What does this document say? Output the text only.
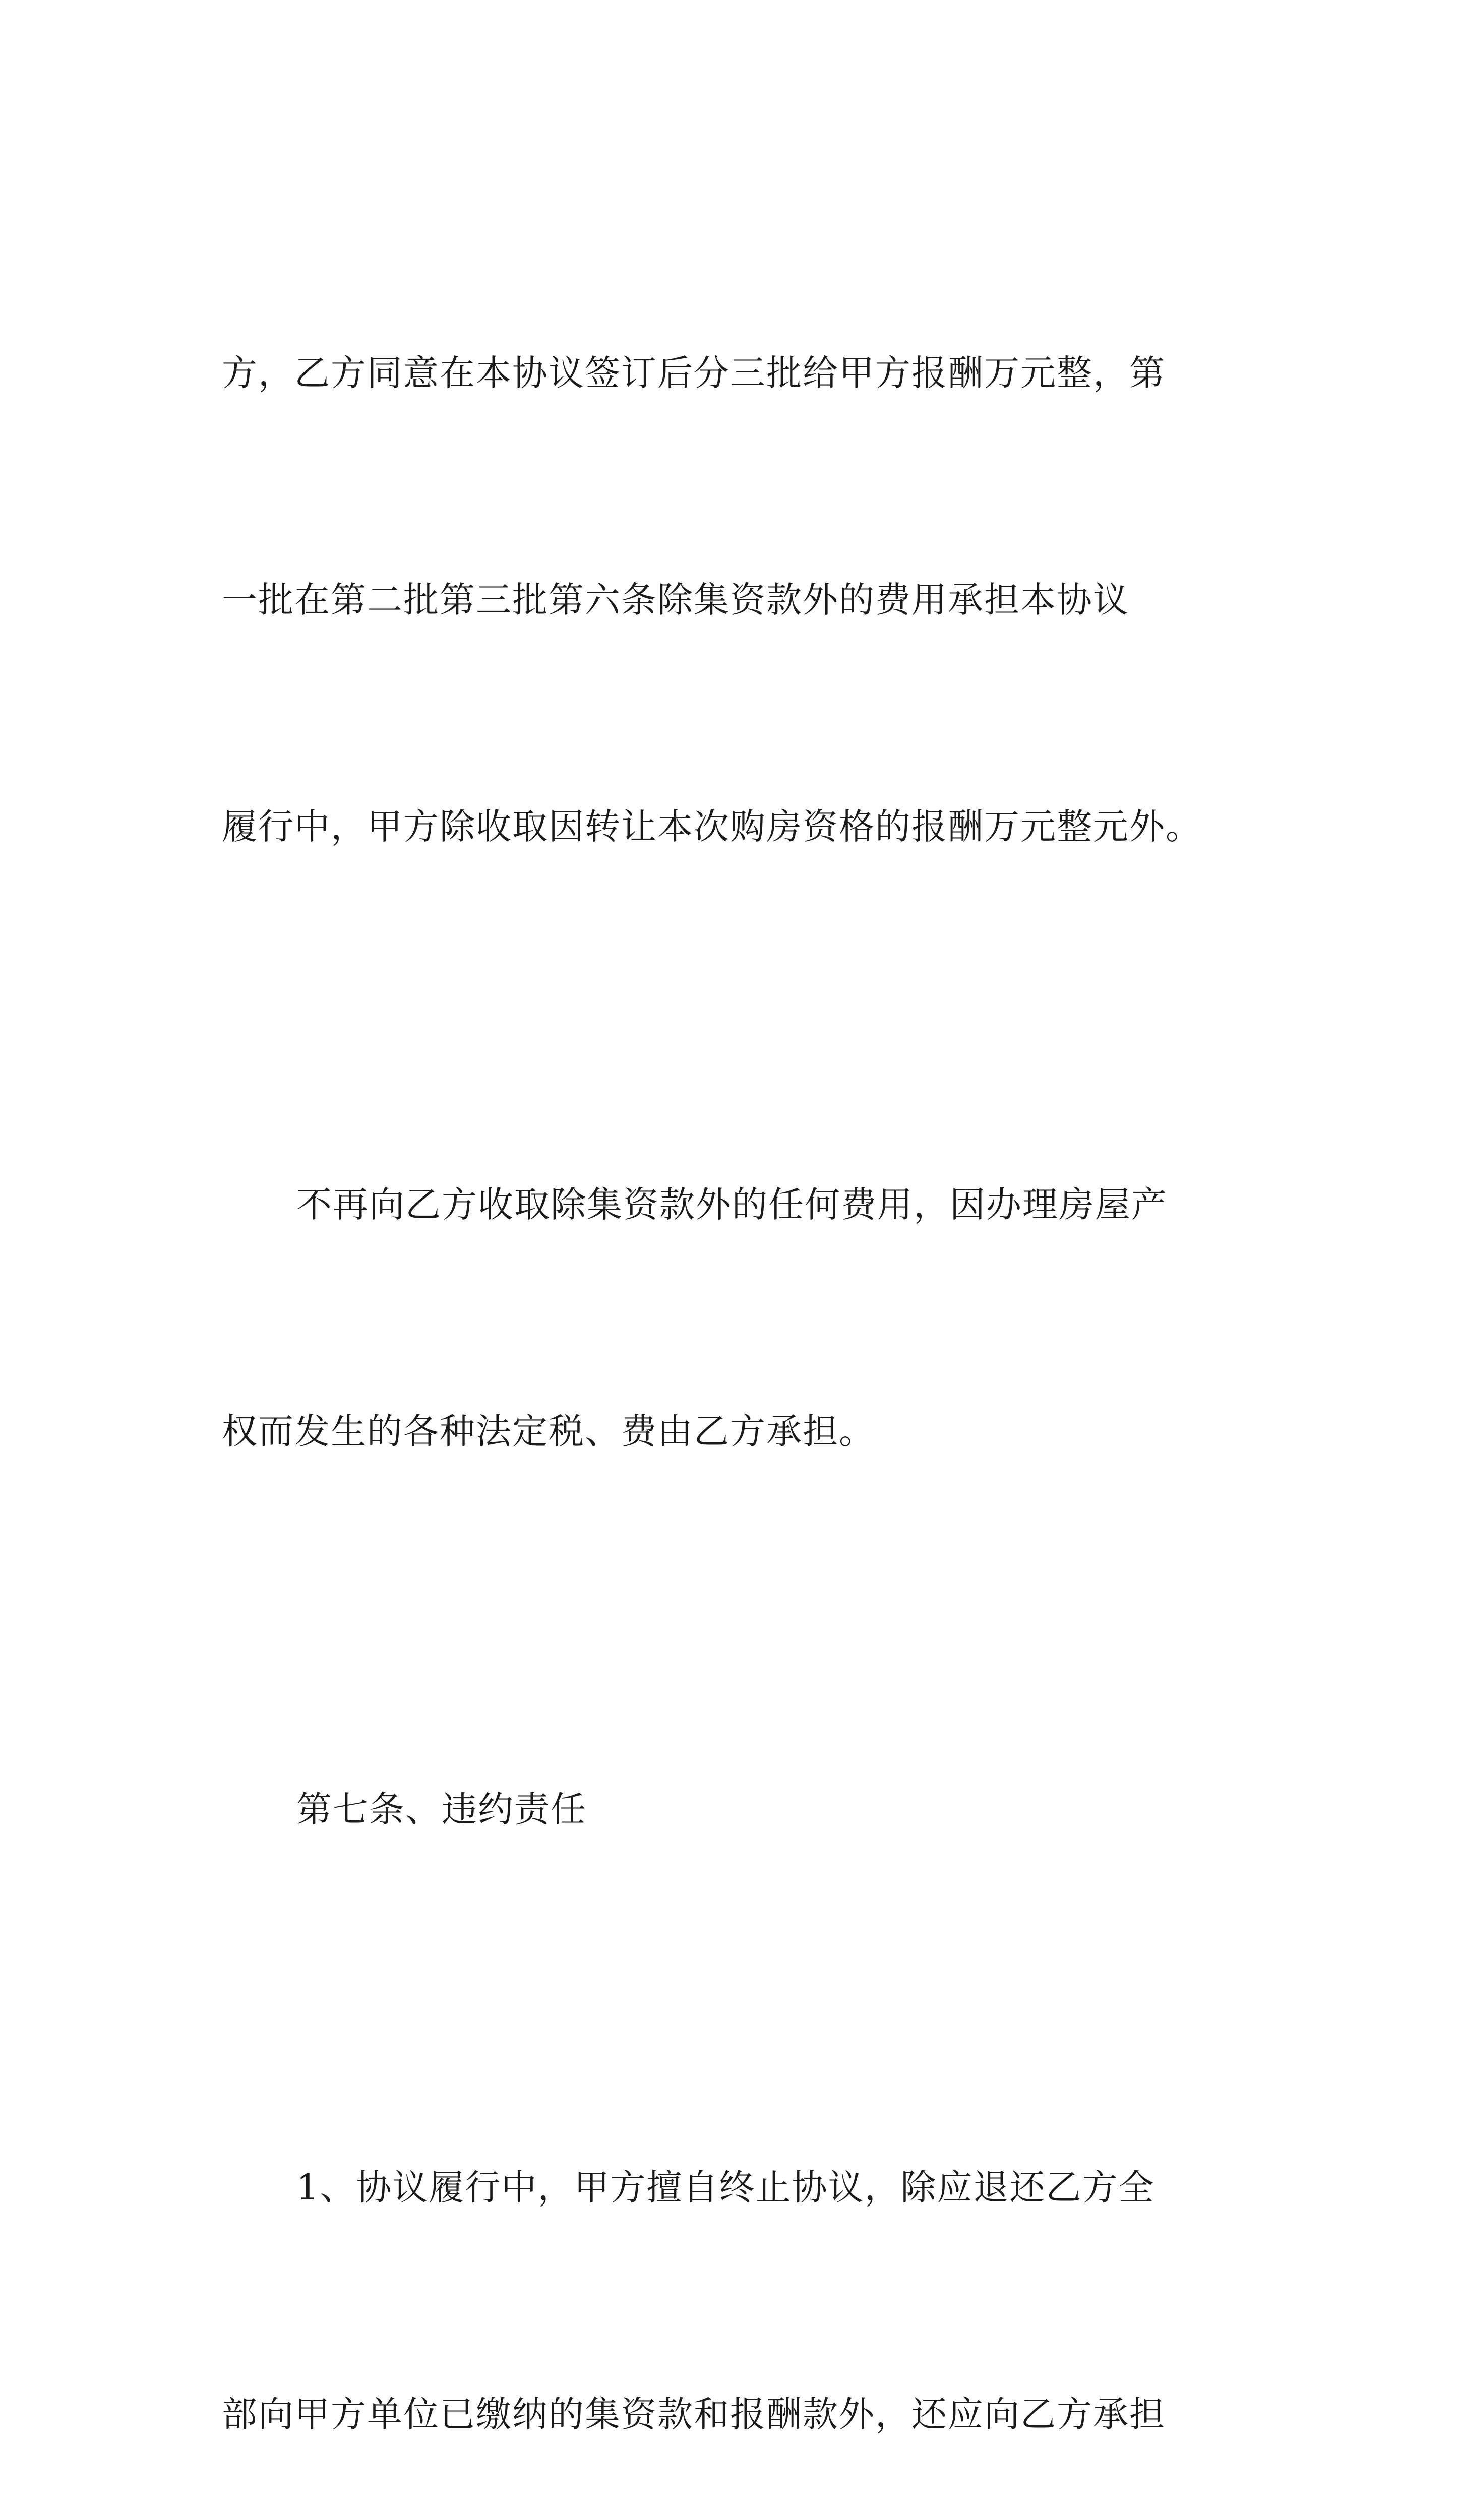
方，乙方同意在本协议签订后分三批给甲方报酬万元整，第

一批在第二批第三批第六条除集资款外的费用承担本协议

履行中，甲方除收取因转让本次购房资格的报酬万元整元外。

不再向乙方收取除集资款外的任何费用，因办理房屋产

权而发生的各种法定税、费由乙方承担。

第七条、违约责任

1、协议履行中，甲方擅自终止协议，除应退还乙方全

部向甲方单位已缴纳的集资款和报酬款外，还应向乙方承担
